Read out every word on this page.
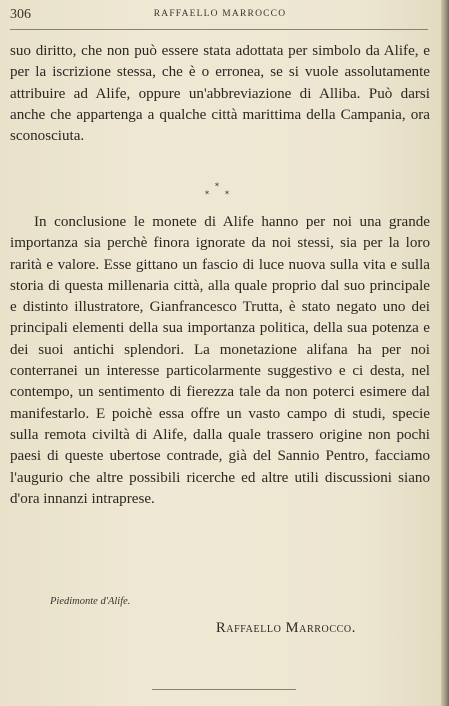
306	RAFFAELLO MARROCCO
suo diritto, che non può essere stata adottata per simbolo da Alife, e per la iscrizione stessa, che è o erronea, se si vuole assolutamente attribuire ad Alife, oppure un'abbreviazione di Alliba. Può darsi anche che appartenga a qualche città marittima della Campania, ora sconosciuta.
*
* *
In conclusione le monete di Alife hanno per noi una grande importanza sia perchè finora ignorate da noi stessi, sia per la loro rarità e valore. Esse gittano un fascio di luce nuova sulla vita e sulla storia di questa millenaria città, alla quale proprio dal suo principale e distinto illustratore, Gianfrancesco Trutta, è stato negato uno dei principali elementi della sua importanza politica, della sua potenza e dei suoi antichi splendori. La monetazione alifana ha per noi conterranei un interesse particolarmente suggestivo e ci desta, nel contempo, un sentimento di fierezza tale da non poterci esimere dal manifestarlo. E poichè essa offre un vasto campo di studi, specie sulla remota civiltà di Alife, dalla quale trassero origine non pochi paesi di queste ubertose contrade, già del Sannio Pentro, facciamo l'augurio che altre possibili ricerche ed altre utili discussioni siano d'ora innanzi intraprese.
Piedimonte d'Alife.
Raffaello Marrocco.
